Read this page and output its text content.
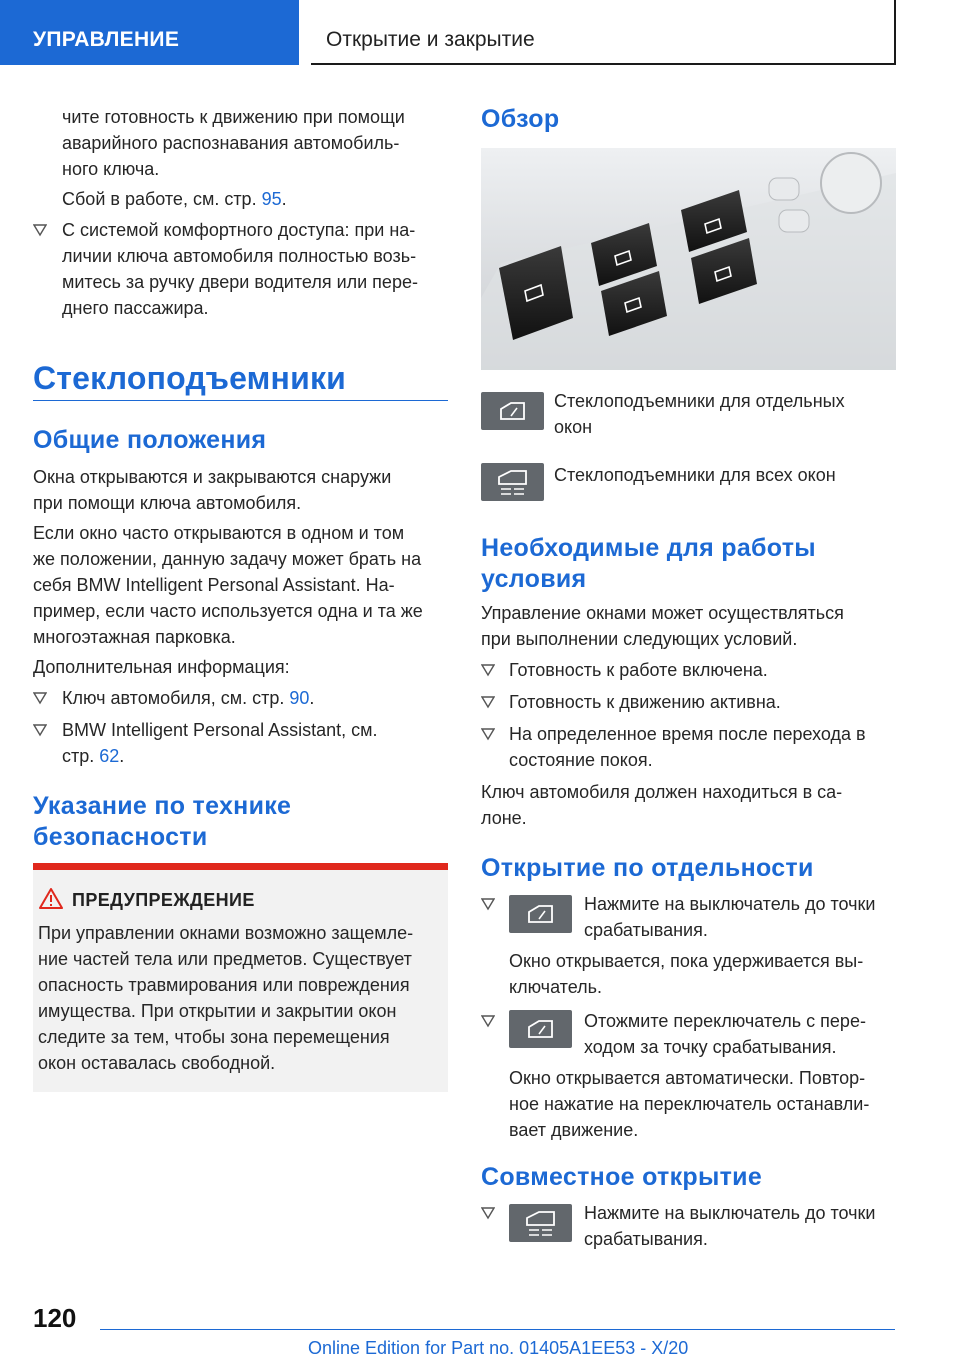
УПРАВЛЕНИЕ	Открытие и закрытие
чите готовность к движению при помощи
аварийного распознавания автомобиль-
ного ключа.
Сбой в работе, см. стр. 95.
С системой комфортного доступа: при на-
личии ключа автомобиля полностью возь-
митесь за ручку двери водителя или пере-
днего пассажира.
Стеклоподъемники
Общие положения
Окна открываются и закрываются снаружи
при помощи ключа автомобиля.
Если окно часто открываются в одном и том
же положении, данную задачу может брать на
себя BMW Intelligent Personal Assistant. На-
пример, если часто используется одна и та же
многоэтажная парковка.
Дополнительная информация:
Ключ автомобиля, см. стр. 90.
BMW Intelligent Personal Assistant, см.
стр. 62.
Указание по технике
безопасности
ПРЕДУПРЕЖДЕНИЕ
При управлении окнами возможно защемле-
ние частей тела или предметов. Существует
опасность травмирования или повреждения
имущества. При открытии и закрытии окон
следите за тем, чтобы зона перемещения
окон оставалась свободной.
Обзор
Стеклоподъемники для отдельных
окон
Стеклоподъемники для всех окон
Необходимые для работы
условия
Управление окнами может осуществляться
при выполнении следующих условий.
Готовность к работе включена.
Готовность к движению активна.
На определенное время после перехода в
состояние покоя.
Ключ автомобиля должен находиться в са-
лоне.
Открытие по отдельности
Нажмите на выключатель до точки
срабатывания.
Окно открывается, пока удерживается вы-
ключатель.
Отожмите переключатель с пере-
ходом за точку срабатывания.
Окно открывается автоматически. Повтор-
ное нажатие на переключатель останавли-
вает движение.
Совместное открытие
Нажмите на выключатель до точки
срабатывания.
120
Online Edition for Part no. 01405A1EE53 - X/20
